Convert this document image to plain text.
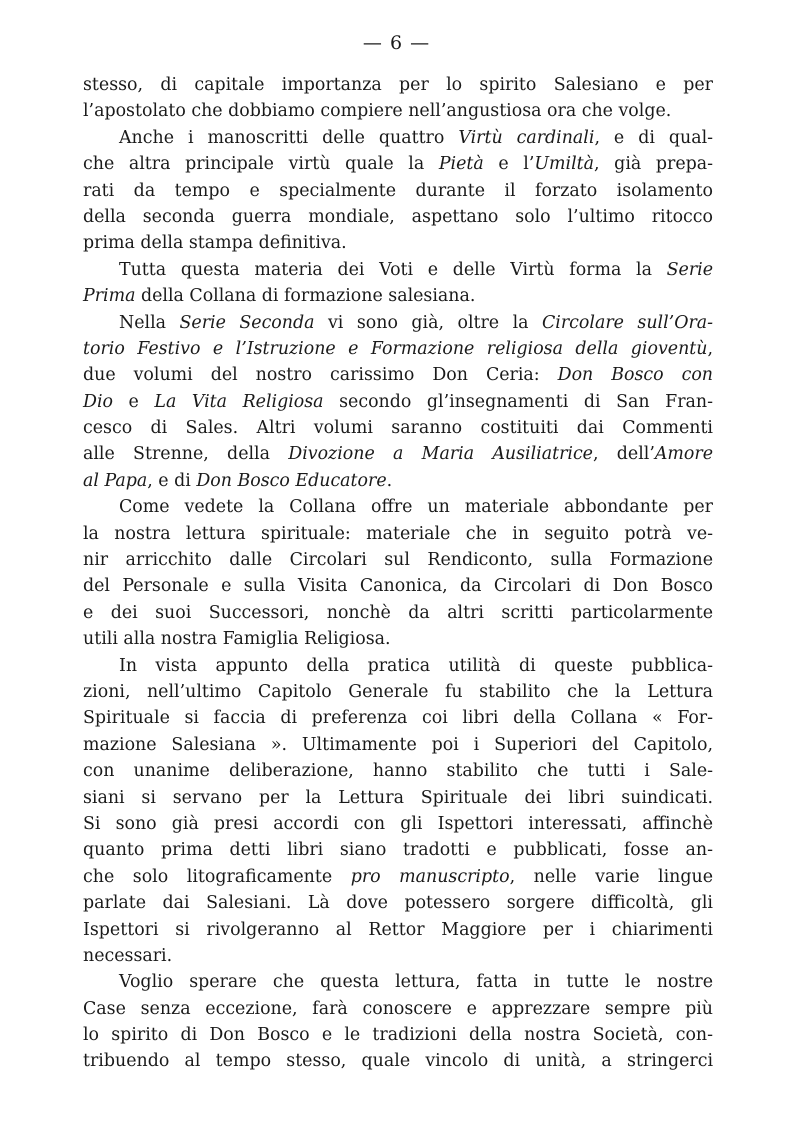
— 6 —
stesso, di capitale importanza per lo spirito Salesiano e per
l’apostolato che dobbiamo compiere nell’angustiosa ora che volge.
Anche i manoscritti delle quattro Virtù cardinali, e di qual-
che altra principale virtù quale la Pietà e l’Umiltà, già prepa-
rati da tempo e specialmente durante il forzato isolamento
della seconda guerra mondiale, aspettano solo l’ultimo ritocco
prima della stampa definitiva.
Tutta questa materia dei Voti e delle Virtù forma la Serie
Prima della Collana di formazione salesiana.
Nella Serie Seconda vi sono già, oltre la Circolare sull’Ora-
torio Festivo e l’Istruzione e Formazione religiosa della gioventù,
due volumi del nostro carissimo Don Ceria: Don Bosco con
Dio e La Vita Religiosa secondo gl’insegnamenti di San Fran-
cesco di Sales. Altri volumi saranno costituiti dai Commenti
alle Strenne, della Divozione a Maria Ausiliatrice, dell’Amore
al Papa, e di Don Bosco Educatore.
Come vedete la Collana offre un materiale abbondante per
la nostra lettura spirituale: materiale che in seguito potrà ve-
nir arricchito dalle Circolari sul Rendiconto, sulla Formazione
del Personale e sulla Visita Canonica, da Circolari di Don Bosco
e dei suoi Successori, nonchè da altri scritti particolarmente
utili alla nostra Famiglia Religiosa.
In vista appunto della pratica utilità di queste pubblica-
zioni, nell’ultimo Capitolo Generale fu stabilito che la Lettura
Spirituale si faccia di preferenza coi libri della Collana « For-
mazione Salesiana ». Ultimamente poi i Superiori del Capitolo,
con unanime deliberazione, hanno stabilito che tutti i Sale-
siani si servano per la Lettura Spirituale dei libri suindicati.
Si sono già presi accordi con gli Ispettori interessati, affinchè
quanto prima detti libri siano tradotti e pubblicati, fosse an-
che solo litograficamente pro manuscripto, nelle varie lingue
parlate dai Salesiani. Là dove potessero sorgere difficoltà, gli
Ispettori si rivolgeranno al Rettor Maggiore per i chiarimenti
necessari.
Voglio sperare che questa lettura, fatta in tutte le nostre
Case senza eccezione, farà conoscere e apprezzare sempre più
lo spirito di Don Bosco e le tradizioni della nostra Società, con-
tribuendo al tempo stesso, quale vincolo di unità, a stringerci
